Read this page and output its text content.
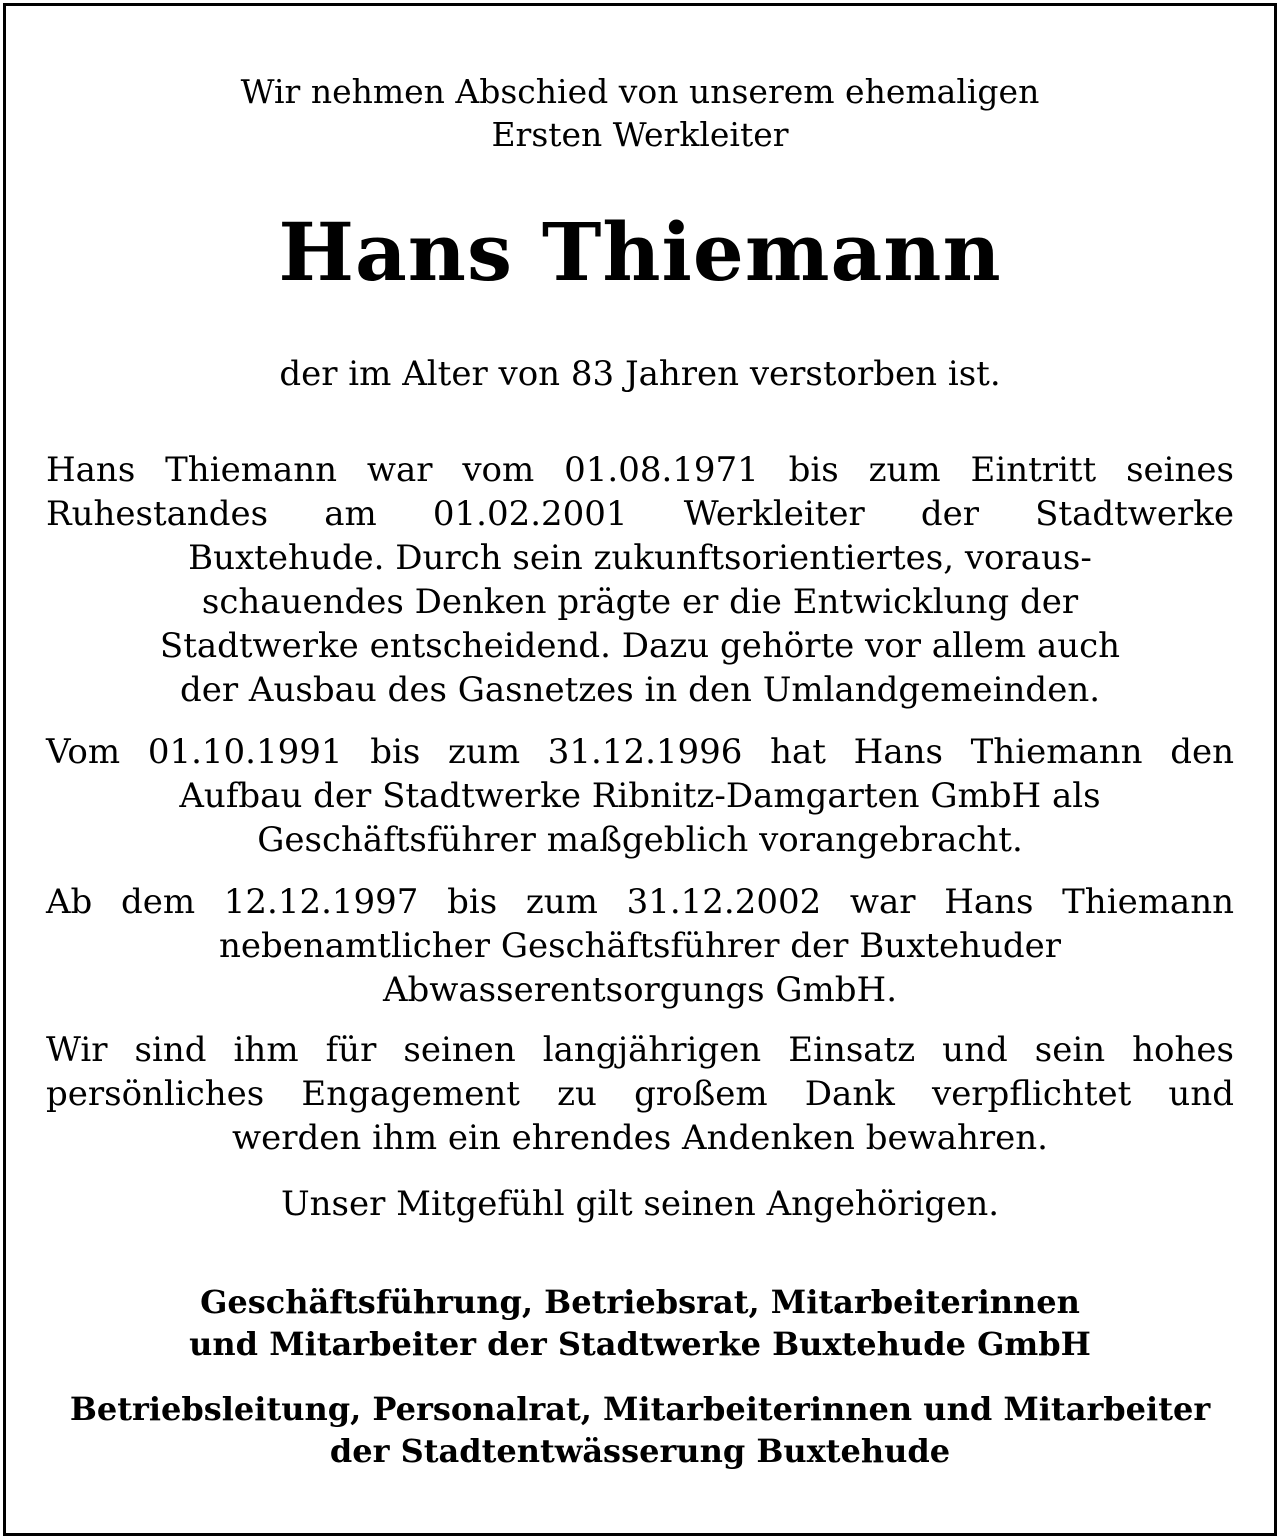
Wir nehmen Abschied von unserem ehemaligen
Ersten Werkleiter
Hans Thiemann
der im Alter von 83 Jahren verstorben ist.
Hans Thiemann war vom 01.08.1971 bis zum Eintritt seines
Ruhestandes am 01.02.2001 Werkleiter der Stadtwerke
Buxtehude. Durch sein zukunftsorientiertes, voraus-
schauendes Denken prägte er die Entwicklung der
Stadtwerke entscheidend. Dazu gehörte vor allem auch
der Ausbau des Gasnetzes in den Umlandgemeinden.
Vom 01.10.1991 bis zum 31.12.1996 hat Hans Thiemann den
Aufbau der Stadtwerke Ribnitz-Damgarten GmbH als
Geschäftsführer maßgeblich vorangebracht.
Ab dem 12.12.1997 bis zum 31.12.2002 war Hans Thiemann
nebenamtlicher Geschäftsführer der Buxtehuder
Abwasserentsorgungs GmbH.
Wir sind ihm für seinen langjährigen Einsatz und sein hohes
persönliches Engagement zu großem Dank verpflichtet und
werden ihm ein ehrendes Andenken bewahren.
Unser Mitgefühl gilt seinen Angehörigen.
Geschäftsführung, Betriebsrat, Mitarbeiterinnen
und Mitarbeiter der Stadtwerke Buxtehude GmbH
Betriebsleitung, Personalrat, Mitarbeiterinnen und Mitarbeiter
der Stadtentwässerung Buxtehude
